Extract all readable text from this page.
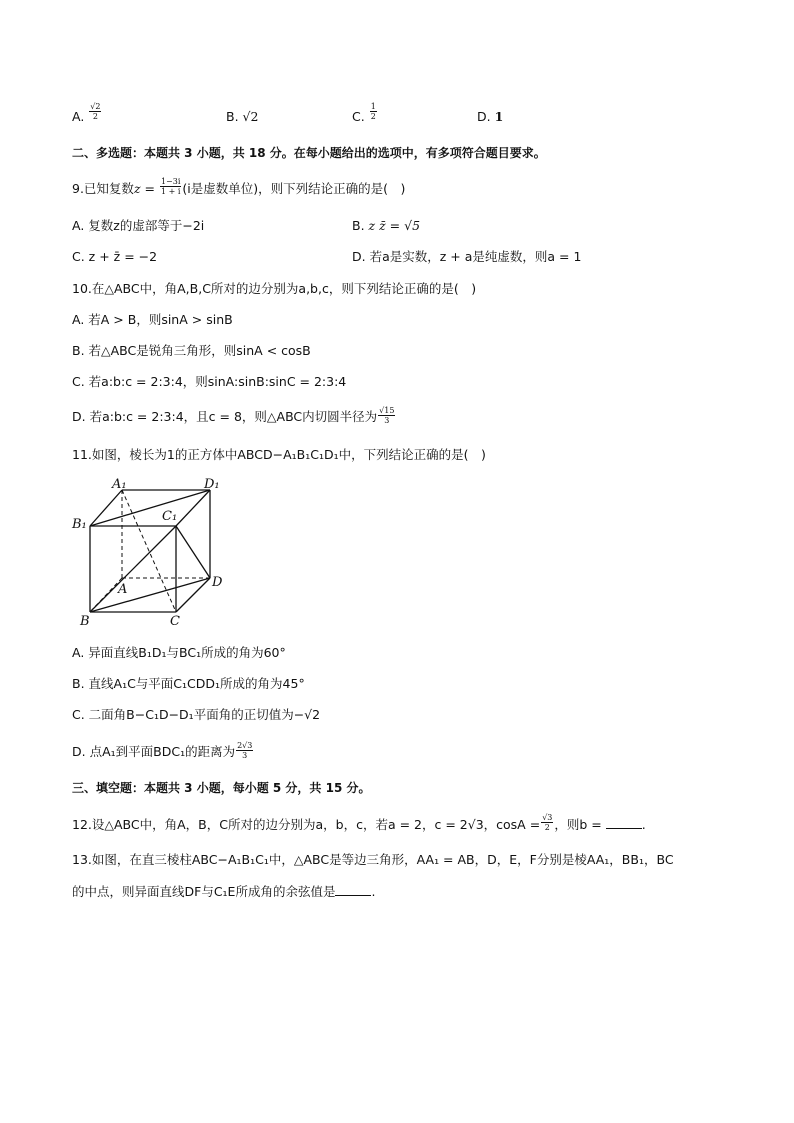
A. $\frac{√2}{2}$	B. √2	C. $\frac{1}{2}$	D. 1
二、多选题：本题共 3 小题，共 18 分。在每小题给出的选项中，有多项符合题目要求。
9.已知复数$z = \frac{1-3i}{1 + i} (i$是虚数单位)，则下列结论正确的是(　)
A. 复数z的虚部等于−2i	B. z z̄ = √5
C. z + z̄ = −2	D. 若a是实数，z + a是纯虚数，则a = 1
10.在△ABC中，角A,B,C所对的边分别为a,b,c，则下列结论正确的是(　)
A. 若A > B，则sinA > sinB
B. 若△ABC是锐角三角形，则sinA < cosB
C. 若a:b:c = 2:3:4，则sinA:sinB:sinC = 2:3:4
D. 若a:b:c = 2:3:4，且c = 8，则△ABC内切圆半径为 $\frac{√15}{3}$
11.如图，棱长为1的正方体中ABCD−A₁B₁C₁D₁中，下列结论正确的是(　)
A₁	D₁
B₁
C₁
A	D
B	C
A. 异面直线B₁D₁与BC₁所成的角为60°
B. 直线A₁C与平面C₁CDD₁所成的角为45°
C. 二面角B−C₁D−D₁平面角的正切值为−√2
D. 点A₁到平面BDC₁的距离为 $\frac{2√3}{3}$
三、填空题：本题共 3 小题，每小题 5 分，共 15 分。
12.设△ABC中，角A，B，C所对的边分别为a，b，c，若a = 2，c = 2√3，$\cos A = \frac{√3}{2}$ ，则b =	.
13.如图，在直三棱柱ABC−A₁B₁C₁中，△ABC是等边三角形，AA₁ = AB，D，E，F分别是棱AA₁，BB₁，BC
的中点，则异面直线DF与C₁E所成角的余弦值是	.
